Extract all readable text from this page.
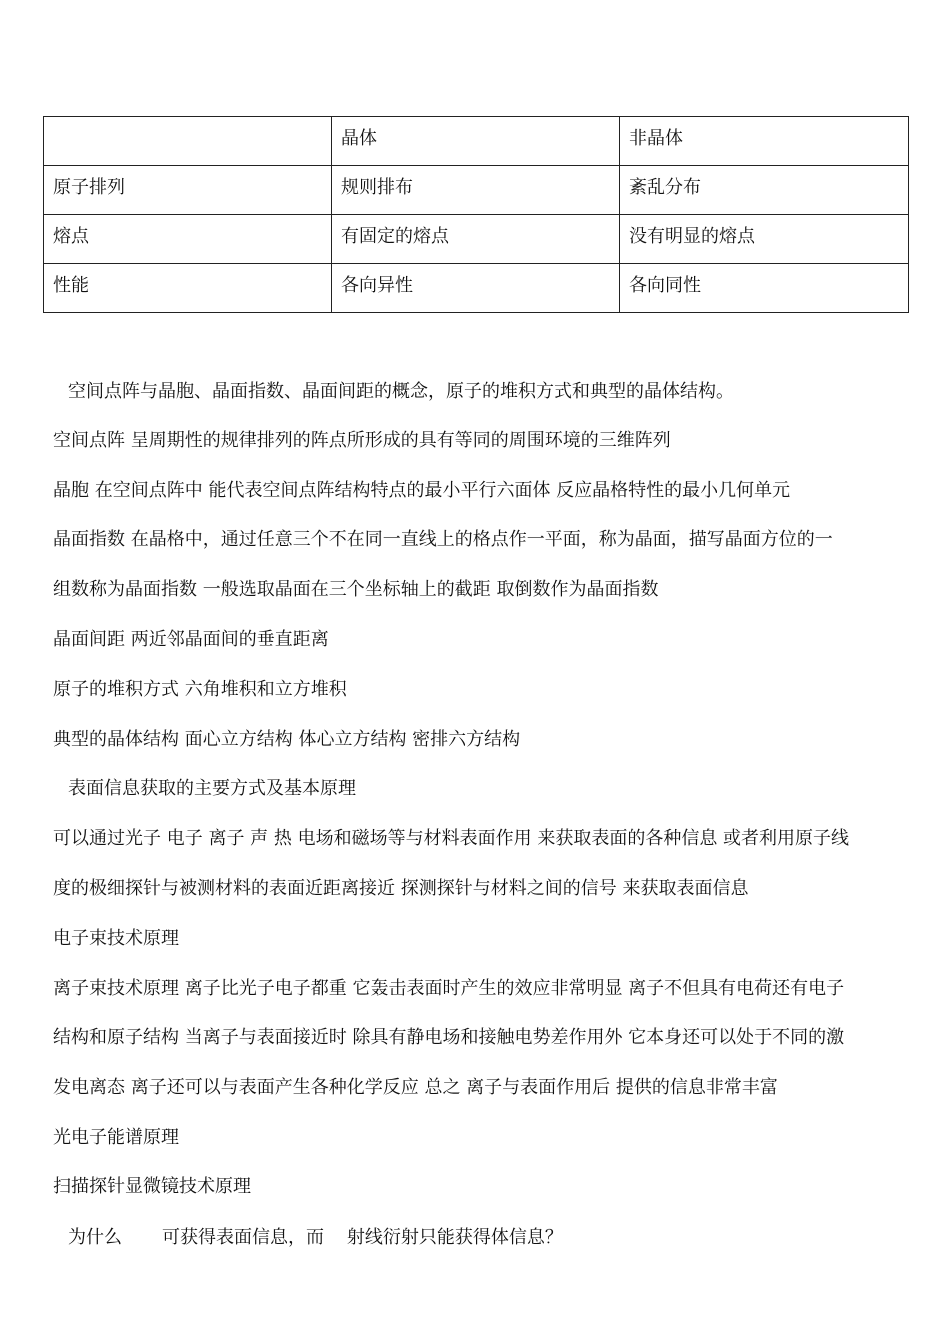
	晶体	非晶体
原子排列	规则排布	紊乱分布
熔点	有固定的熔点	没有明显的熔点
性能	各向异性	各向同性
空间点阵与晶胞、晶面指数、晶面间距的概念，原子的堆积方式和典型的晶体结构。
空间点阵 呈周期性的规律排列的阵点所形成的具有等同的周围环境的三维阵列
晶胞 在空间点阵中 能代表空间点阵结构特点的最小平行六面体 反应晶格特性的最小几何单元
晶面指数 在晶格中，通过任意三个不在同一直线上的格点作一平面，称为晶面，描写晶面方位的一
组数称为晶面指数 一般选取晶面在三个坐标轴上的截距 取倒数作为晶面指数
晶面间距 两近邻晶面间的垂直距离
原子的堆积方式 六角堆积和立方堆积
典型的晶体结构 面心立方结构 体心立方结构 密排六方结构
表面信息获取的主要方式及基本原理
可以通过光子 电子 离子 声 热 电场和磁场等与材料表面作用 来获取表面的各种信息 或者利用原子线
度的极细探针与被测材料的表面近距离接近 探测探针与材料之间的信号 来获取表面信息
电子束技术原理
离子束技术原理 离子比光子电子都重 它轰击表面时产生的效应非常明显 离子不但具有电荷还有电子
结构和原子结构 当离子与表面接近时 除具有静电场和接触电势差作用外 它本身还可以处于不同的激
发电离态 离子还可以与表面产生各种化学反应 总之 离子与表面作用后 提供的信息非常丰富
光电子能谱原理
扫描探针显微镜技术原理
为什么       可获得表面信息，而    射线衍射只能获得体信息？
